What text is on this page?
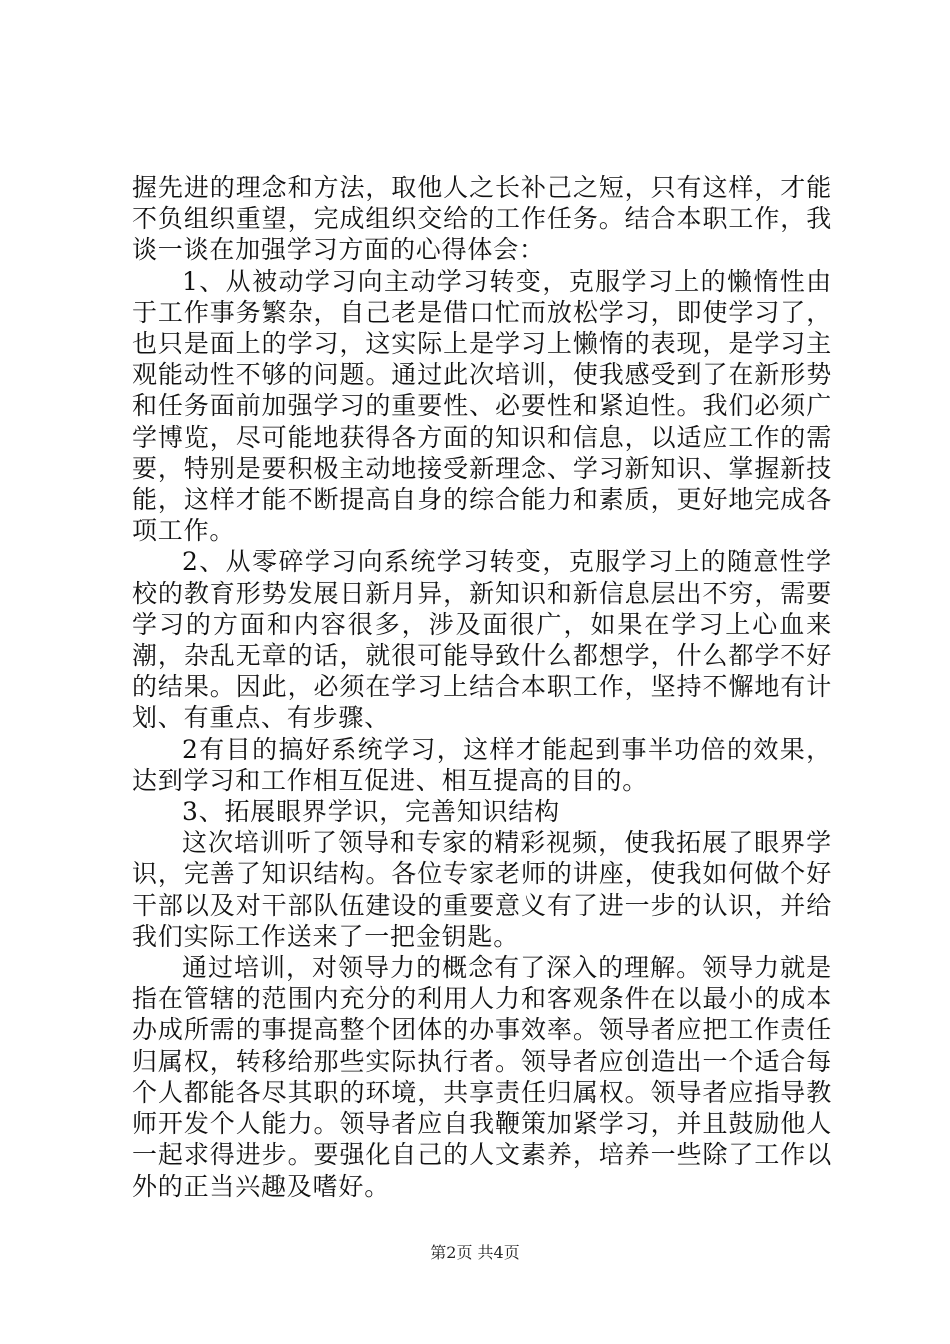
握先进的理念和方法，取他人之长补己之短，只有这样，才能不负组织重望，完成组织交给的工作任务。结合本职工作，我谈一谈在加强学习方面的心得体会：

1、从被动学习向主动学习转变，克服学习上的懒惰性由于工作事务繁杂，自己老是借口忙而放松学习，即使学习了，也只是面上的学习，这实际上是学习上懒惰的表现，是学习主观能动性不够的问题。通过此次培训，使我感受到了在新形势和任务面前加强学习的重要性、必要性和紧迫性。我们必须广学博览，尽可能地获得各方面的知识和信息，以适应工作的需要，特别是要积极主动地接受新理念、学习新知识、掌握新技能，这样才能不断提高自身的综合能力和素质，更好地完成各项工作。

2、从零碎学习向系统学习转变，克服学习上的随意性学校的教育形势发展日新月异，新知识和新信息层出不穷，需要学习的方面和内容很多，涉及面很广，如果在学习上心血来潮，杂乱无章的话，就很可能导致什么都想学，什么都学不好的结果。因此，必须在学习上结合本职工作，坚持不懈地有计划、有重点、有步骤、

2有目的搞好系统学习，这样才能起到事半功倍的效果，达到学习和工作相互促进、相互提高的目的。

3、拓展眼界学识，完善知识结构

这次培训听了领导和专家的精彩视频，使我拓展了眼界学识，完善了知识结构。各位专家老师的讲座，使我如何做个好干部以及对干部队伍建设的重要意义有了进一步的认识，并给我们实际工作送来了一把金钥匙。

通过培训，对领导力的概念有了深入的理解。领导力就是指在管辖的范围内充分的利用人力和客观条件在以最小的成本办成所需的事提高整个团体的办事效率。领导者应把工作责任归属权，转移给那些实际执行者。领导者应创造出一个适合每个人都能各尽其职的环境，共享责任归属权。领导者应指导教师开发个人能力。领导者应自我鞭策加紧学习，并且鼓励他人一起求得进步。要强化自己的人文素养，培养一些除了工作以外的正当兴趣及嗜好。

第2页 共4页
